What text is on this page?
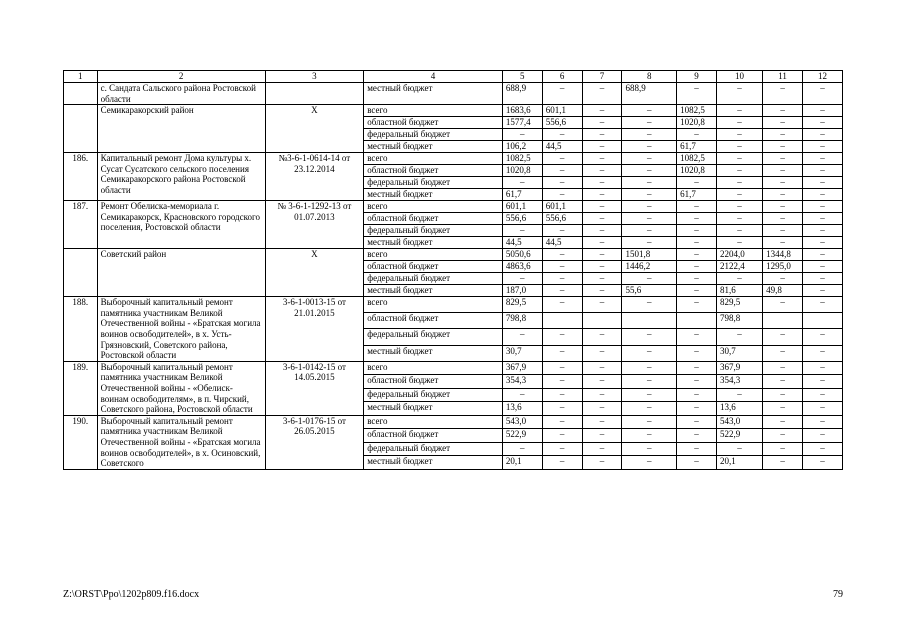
1	2	3	4	5	6	7	8	9	10	11	12
	с. Сандата Сальского района Ростовской области		местный бюджет	688,9	–	–	688,9	–	–	–	–
	Семикаракорский район	Х	всего	1683,6	601,1	–	–	1082,5	–	–	–
			областной бюджет	1577,4	556,6	–	–	1020,8	–	–	–
			федеральный бюджет	–	–	–	–	–	–	–	–
			местный бюджет	106,2	44,5	–	–	61,7	–	–	–
186.	Капитальный ремонт Дома культуры х. Сусат Сусатского сельского поселения Семикаракорского района Ростовской области	№3-6-1-0614-14 от 23.12.2014	всего	1082,5	–	–	–	1082,5	–	–	–
			областной бюджет	1020,8	–	–	–	1020,8	–	–	–
			федеральный бюджет	–	–	–	–	–	–	–	–
			местный бюджет	61,7	–	–	–	61,7	–	–	–
187.	Ремонт Обелиска-мемориала г. Семикаракорск, Красновского городского поселения, Ростовской области	№ 3-6-1-1292-13 от 01.07.2013	всего	601,1	601,1	–	–	–	–	–	–
			областной бюджет	556,6	556,6	–	–	–	–	–	–
			федеральный бюджет	–	–	–	–	–	–	–	–
			местный бюджет	44,5	44,5	–	–	–	–	–	–
	Советский район	Х	всего	5050,6	–	–	1501,8	–	2204,0	1344,8	–
			областной бюджет	4863,6	–	–	1446,2	–	2122,4	1295,0	–
			федеральный бюджет	–	–	–	–	–	–	–	–
			местный бюджет	187,0	–	–	55,6	–	81,6	49,8	–
188.	Выборочный капитальный ремонт памятника участникам Великой Отечественной войны - «Братская могила воинов освободителей», в х. Усть-Грязновский, Советского района, Ростовской области	3-6-1-0013-15 от 21.01.2015	всего	829,5	–	–	–	–	829,5	–	–
			областной бюджет	798,8					798,8		
			федеральный бюджет	–	–	–	–	–	–	–	–
			местный бюджет	30,7	–	–	–	–	30,7	–	–
189.	Выборочный капитальный ремонт памятника участникам Великой Отечественной войны - «Обелиск- воинам освободителям», в п. Чирский, Советского района, Ростовской области	3-6-1-0142-15 от 14.05.2015	всего	367,9	–	–	–	–	367,9	–	–
			областной бюджет	354,3	–	–	–	–	354,3	–	–
			федеральный бюджет	–	–	–	–	–	–	–	–
			местный бюджет	13,6	–	–	–	–	13,6	–	–
190.	Выборочный капитальный ремонт памятника участникам Великой Отечественной войны - «Братская могила воинов освободителей», в х. Осиновский, Советского	3-6-1-0176-15 от 26.05.2015	всего	543,0	–	–	–	–	543,0	–	–
			областной бюджет	522,9	–	–	–	–	522,9	–	–
			федеральный бюджет	–	–	–	–	–	–	–	–
			местный бюджет	20,1	–	–	–	–	20,1	–	–
Z:\ORST\Ppo\1202p809.f16.docx	79
